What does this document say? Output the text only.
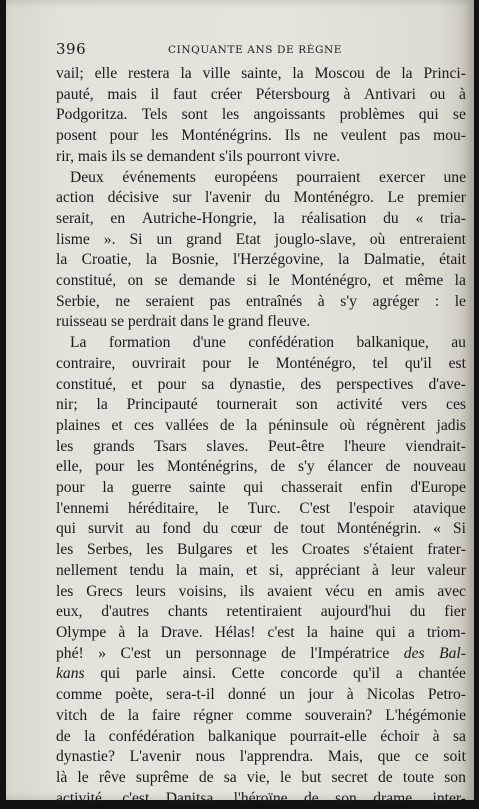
396	CINQUANTE ANS DE RÈGNE
vail; elle restera la ville sainte, la Moscou de la Princi-
pauté, mais il faut créer Pétersbourg à Antivari ou à
Podgoritza. Tels sont les angoissants problèmes qui se
posent pour les Monténégrins. Ils ne veulent pas mou-
rir, mais ils se demandent s'ils pourront vivre.
Deux événements européens pourraient exercer une
action décisive sur l'avenir du Monténégro. Le premier
serait, en Autriche-Hongrie, la réalisation du « tria-
lisme ». Si un grand Etat jouglo-slave, où entreraient
la Croatie, la Bosnie, l'Herzégovine, la Dalmatie, était
constitué, on se demande si le Monténégro, et même la
Serbie, ne seraient pas entraînés à s'y agréger : le
ruisseau se perdrait dans le grand fleuve.
La formation d'une confédération balkanique, au
contraire, ouvrirait pour le Monténégro, tel qu'il est
constitué, et pour sa dynastie, des perspectives d'ave-
nir; la Principauté tournerait son activité vers ces
plaines et ces vallées de la péninsule où régnèrent jadis
les grands Tsars slaves. Peut-être l'heure viendrait-
elle, pour les Monténégrins, de s'y élancer de nouveau
pour la guerre sainte qui chasserait enfin d'Europe
l'ennemi héréditaire, le Turc. C'est l'espoir atavique
qui survit au fond du cœur de tout Monténégrin. « Si
les Serbes, les Bulgares et les Croates s'étaient frater-
nellement tendu la main, et si, appréciant à leur valeur
les Grecs leurs voisins, ils avaient vécu en amis avec
eux, d'autres chants retentiraient aujourd'hui du fier
Olympe à la Drave. Hélas! c'est la haine qui a triom-
phé! » C'est un personnage de l'Impératrice des Bal-
kans qui parle ainsi. Cette concorde qu'il a chantée
comme poète, sera-t-il donné un jour à Nicolas Petro-
vitch de la faire régner comme souverain? L'hégémonie
de la confédération balkanique pourrait-elle échoir à sa
dynastie? L'avenir nous l'apprendra. Mais, que ce soit
là le rêve suprême de sa vie, le but secret de toute son
activité, c'est Danitsa, l'héroïne de son drame, inter-
